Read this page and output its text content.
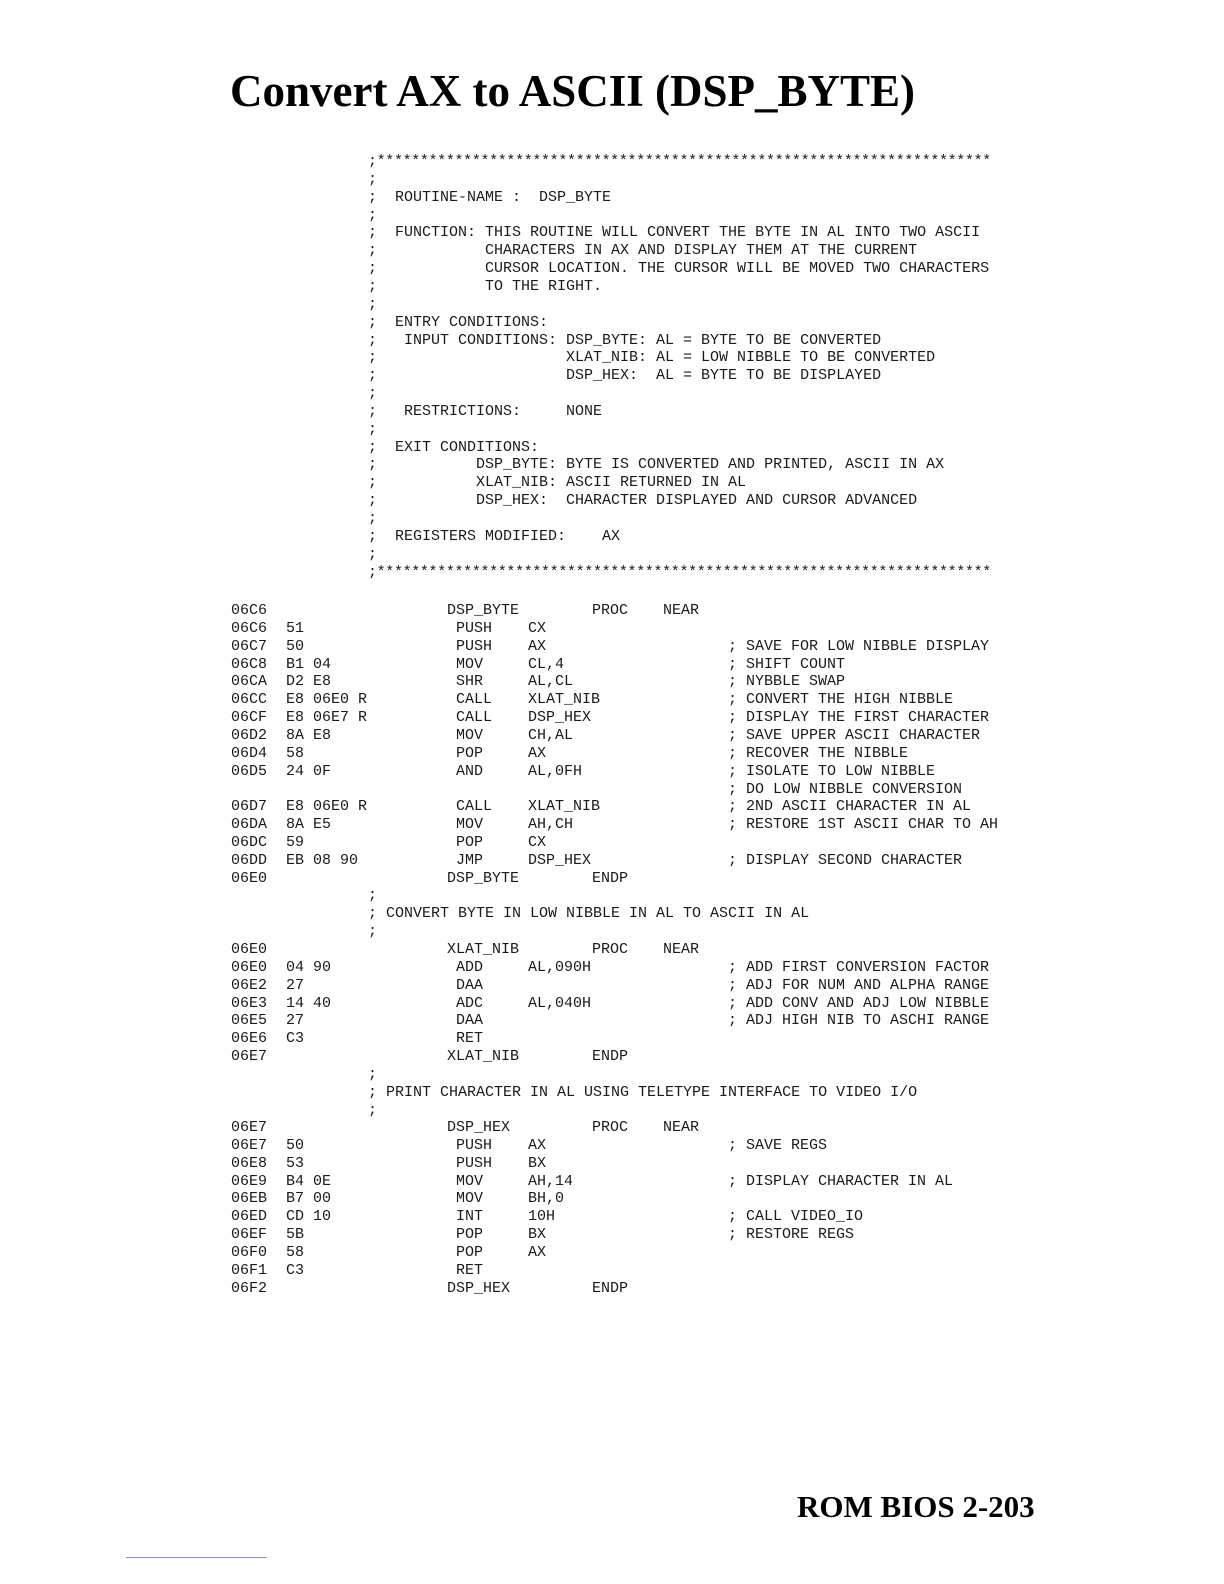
Convert AX to ASCII (DSP_BYTE)
;***********************************************************************
;
;  ROUTINE-NAME :  DSP_BYTE
;
;  FUNCTION: THIS ROUTINE WILL CONVERT THE BYTE IN AL INTO TWO ASCII
;            CHARACTERS IN AX AND DISPLAY THEM AT THE CURRENT
;            CURSOR LOCATION. THE CURSOR WILL BE MOVED TWO CHARACTERS
;            TO THE RIGHT.
;
;  ENTRY CONDITIONS:
;   INPUT CONDITIONS: DSP_BYTE: AL = BYTE TO BE CONVERTED
;                     XLAT_NIB: AL = LOW NIBBLE TO BE CONVERTED
;                     DSP_HEX:  AL = BYTE TO BE DISPLAYED
;
;   RESTRICTIONS:     NONE
;
;  EXIT CONDITIONS:
;           DSP_BYTE: BYTE IS CONVERTED AND PRINTED, ASCII IN AX
;           XLAT_NIB: ASCII RETURNED IN AL
;           DSP_HEX:  CHARACTER DISPLAYED AND CURSOR ADVANCED
;
;  REGISTERS MODIFIED:    AX
;
;***********************************************************************
06C6	DSP_BYTE	PROC NEAR
06C6 51	PUSH CX
06C7 50	PUSH AX	; SAVE FOR LOW NIBBLE DISPLAY
06C8 B1 04	MOV	CL,4	; SHIFT COUNT
06CA D2 E8	SHR	AL,CL	; NYBBLE SWAP
06CC E8 06E0 R	CALL XLAT_NIB	; CONVERT THE HIGH NIBBLE
06CF E8 06E7 R	CALL DSP_HEX	; DISPLAY THE FIRST CHARACTER
06D2 8A E8	MOV	CH,AL	; SAVE UPPER ASCII CHARACTER
06D4 58	POP	AX	; RECOVER THE NIBBLE
06D5 24 0F	AND	AL,0FH	; ISOLATE TO LOW NIBBLE
; DO LOW NIBBLE CONVERSION
06D7 E8 06E0 R	CALL XLAT_NIB	; 2ND ASCII CHARACTER IN AL
06DA 8A E5	MOV	AH,CH	; RESTORE 1ST ASCII CHAR TO AH
06DC 59	POP	CX
06DD EB 08 90	JMP	DSP_HEX	; DISPLAY SECOND CHARACTER
06E0	DSP_BYTE	ENDP
;
; CONVERT BYTE IN LOW NIBBLE IN AL TO ASCII IN AL
;
06E0	XLAT_NIB	PROC NEAR
06E0 04 90	ADD	AL,090H	; ADD FIRST CONVERSION FACTOR
06E2 27	DAA	; ADJ FOR NUM AND ALPHA RANGE
06E3 14 40	ADC	AL,040H	; ADD CONV AND ADJ LOW NIBBLE
06E5 27	DAA	; ADJ HIGH NIB TO ASCHI RANGE
06E6 C3	RET
06E7	XLAT_NIB	ENDP
;
; PRINT CHARACTER IN AL USING TELETYPE INTERFACE TO VIDEO I/O
;
06E7	DSP_HEX	PROC NEAR
06E7 50	PUSH AX	; SAVE REGS
06E8 53	PUSH BX
06E9 B4 0E	MOV	AH,14	; DISPLAY CHARACTER IN AL
06EB B7 00	MOV	BH,0
06ED CD 10	INT	10H	; CALL VIDEO_IO
06EF 5B	POP	BX	; RESTORE REGS
06F0 58	POP	AX
06F1 C3	RET
06F2	DSP_HEX	ENDP
ROM BIOS 2-203
